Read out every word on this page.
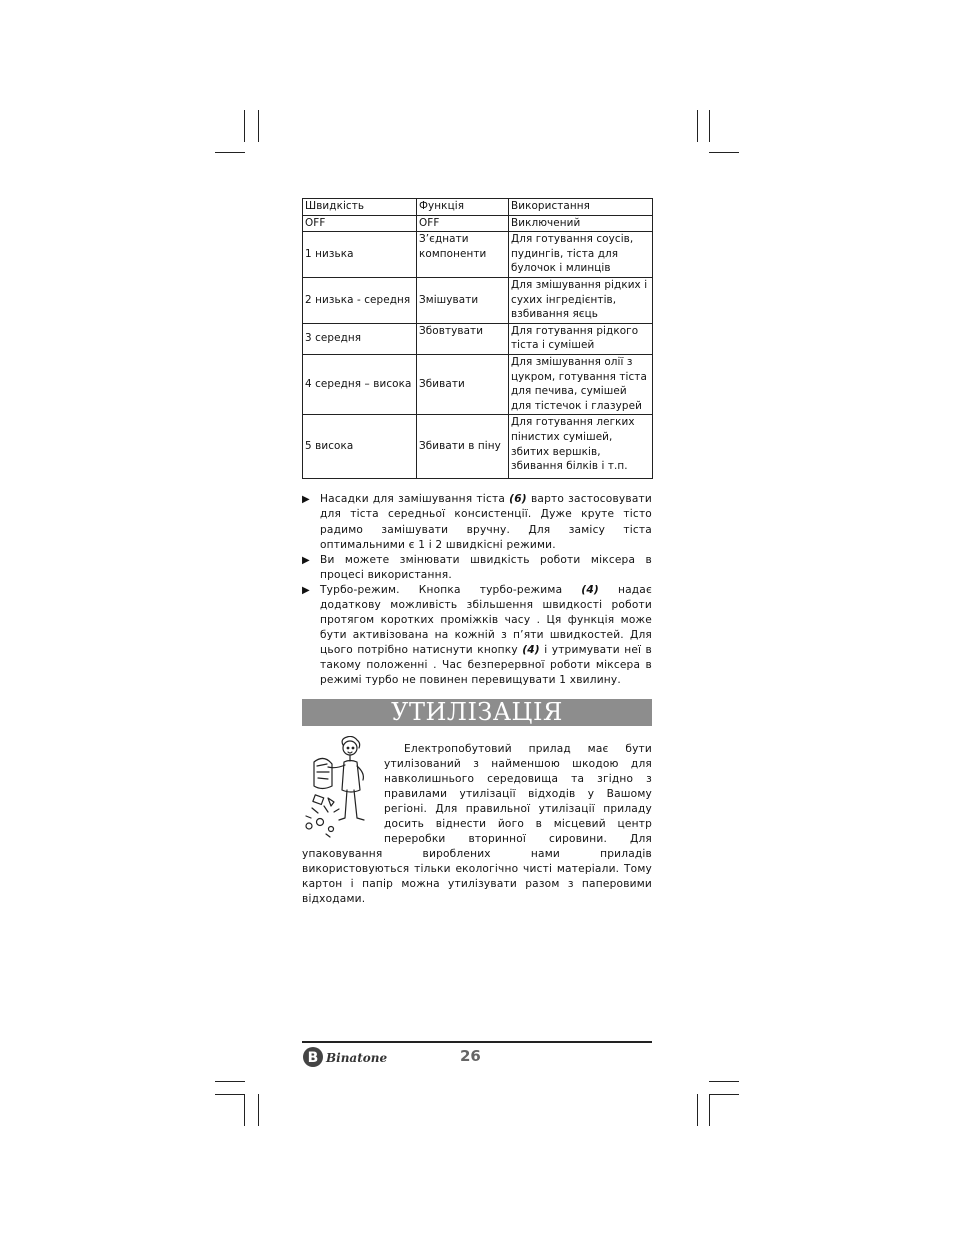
Швидкість	Функція	Використання
OFF	OFF	Виключений
1 низька	З’єднати компоненти	Для готування соусів, пудингів, тіста для булочок і млинців
2 низька - середня	Змішувати	Для змішування рідких і сухих інгредієнтів, взбивання яєць
3 середня	Збовтувати	Для готування рідкого тіста і сумішей
4 середня – висока	Збивати	Для змішування олії з цукром, готування тіста для печива, сумішей для тістечок і глазурей
5 висока	Збивати в піну	Для готування легких пінистих сумішей, збитих вершків, збивання білків і т.п.
▶ Насадки для замішування тіста (6) варто застосовувати для тіста середньої консистенції. Дуже круте тісто радимо замішувати вручну. Для замісу тіста оптимальними є 1 і 2 швидкісні режими.
▶ Ви можете змінювати швидкість роботи міксера в процесі використання.
▶ Турбо-режим. Кнопка турбо-режима (4) надає додаткову можливість збільшення швидкості роботи протягом коротких проміжків часу . Ця функція може бути активізована на кожній з п’яти швидкостей. Для цього потрібно натиснути кнопку (4) і утримувати неї в такому положенні . Час безперервної роботи міксера в режимі турбо не повинен перевищувати 1 хвилину.
УТИЛІЗАЦІЯ

Електропобутовий прилад має бути утилізований з найменшою шкодою для навколишнього середовища та згідно з правилами утилізації відходів у Вашому регіоні. Для правильної утилізації приладу досить віднести його в місцевий центр переробки вторинної сировини. Для упаковування вироблених нами приладів використовуються тільки екологічно чисті матеріали. Тому картон і папір можна утилізувати разом з паперовими відходами.

B Binatone	26
